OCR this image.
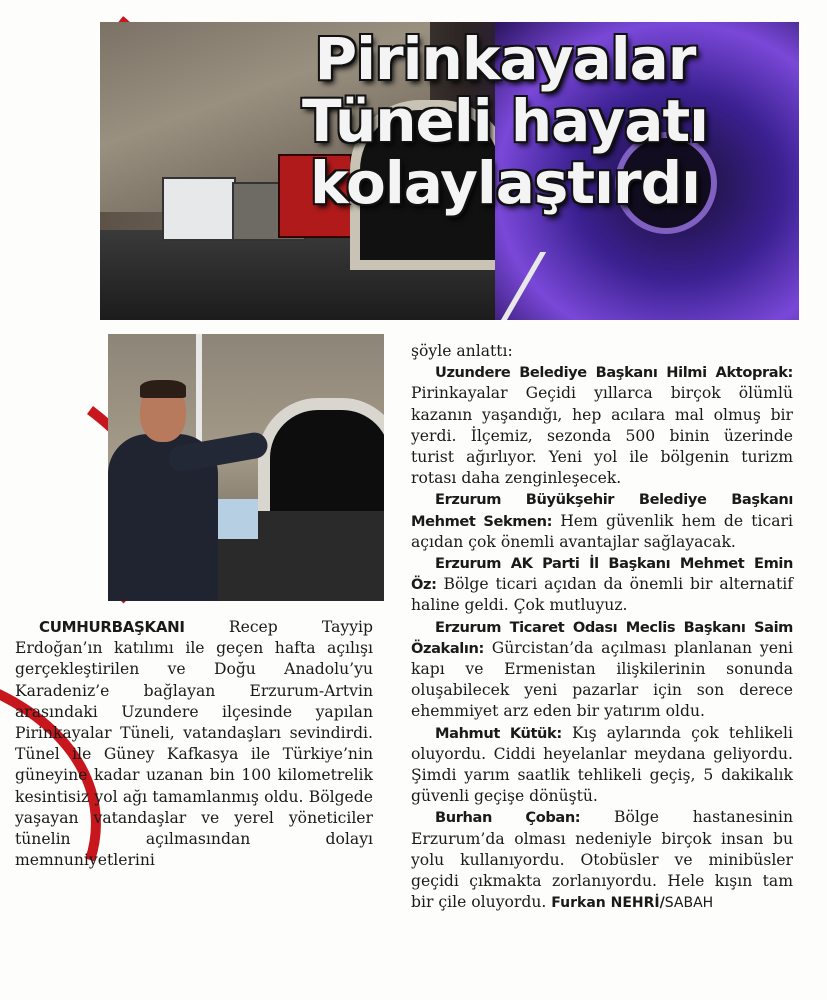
Pirinkayalar Tüneli hayatı kolaylaştırdı

CUMHURBAŞKANI	Recep Tayyip Erdoğan’ın katılımı ile geçen hafta açılışı gerçekleştirilen ve Doğu Anadolu’yu Karadeniz’e bağlayan Erzurum-Artvin arasındaki Uzundere ilçesinde yapılan Pirinkayalar Tüneli, vatandaşları sevindirdi. Tünel ile Güney Kafkasya ile Türkiye’nin güneyine kadar uzanan bin 100 kilometrelik kesintisiz yol ağı tamamlanmış oldu. Bölgede yaşayan vatandaşlar ve yerel yöneticiler tünelin açılmasından dolayı memnuniyetlerini

şöyle anlattı:

Uzundere Belediye Başkanı Hilmi Aktoprak: Pirinkayalar Geçidi yıllarca birçok ölümlü kazanın yaşandığı, hep acılara mal olmuş bir yerdi. İlçemiz, sezonda 500 binin üzerinde turist ağırlıyor. Yeni yol ile bölgenin turizm rotası daha zenginleşecek.

Erzurum Büyükşehir Belediye Başkanı Mehmet Sekmen: Hem güvenlik hem de ticari açıdan çok önemli avantajlar sağlayacak.

Erzurum AK Parti İl Başkanı Mehmet Emin Öz: Bölge ticari açıdan da önemli bir alternatif haline geldi. Çok mutluyuz.

Erzurum Ticaret Odası Meclis Başkanı Saim Özakalın: Gürcistan’da açılması planlanan yeni kapı ve Ermenistan ilişkilerinin sonunda oluşabilecek yeni pazarlar için son derece ehemmiyet arz eden bir yatırım oldu.

Mahmut Kütük: Kış aylarında çok tehlikeli oluyordu. Ciddi heyelanlar meydana geliyordu. Şimdi yarım saatlik tehlikeli geçiş, 5 dakikalık güvenli geçişe dönüştü.

Burhan Çoban: Bölge hastanesinin Erzurum’da olması nedeniyle birçok insan bu yolu kullanıyordu. Otobüsler ve minibüsler geçidi çıkmakta zorlanıyordu. Hele kışın tam bir çile oluyordu. Furkan NEHRİ/SABAH
